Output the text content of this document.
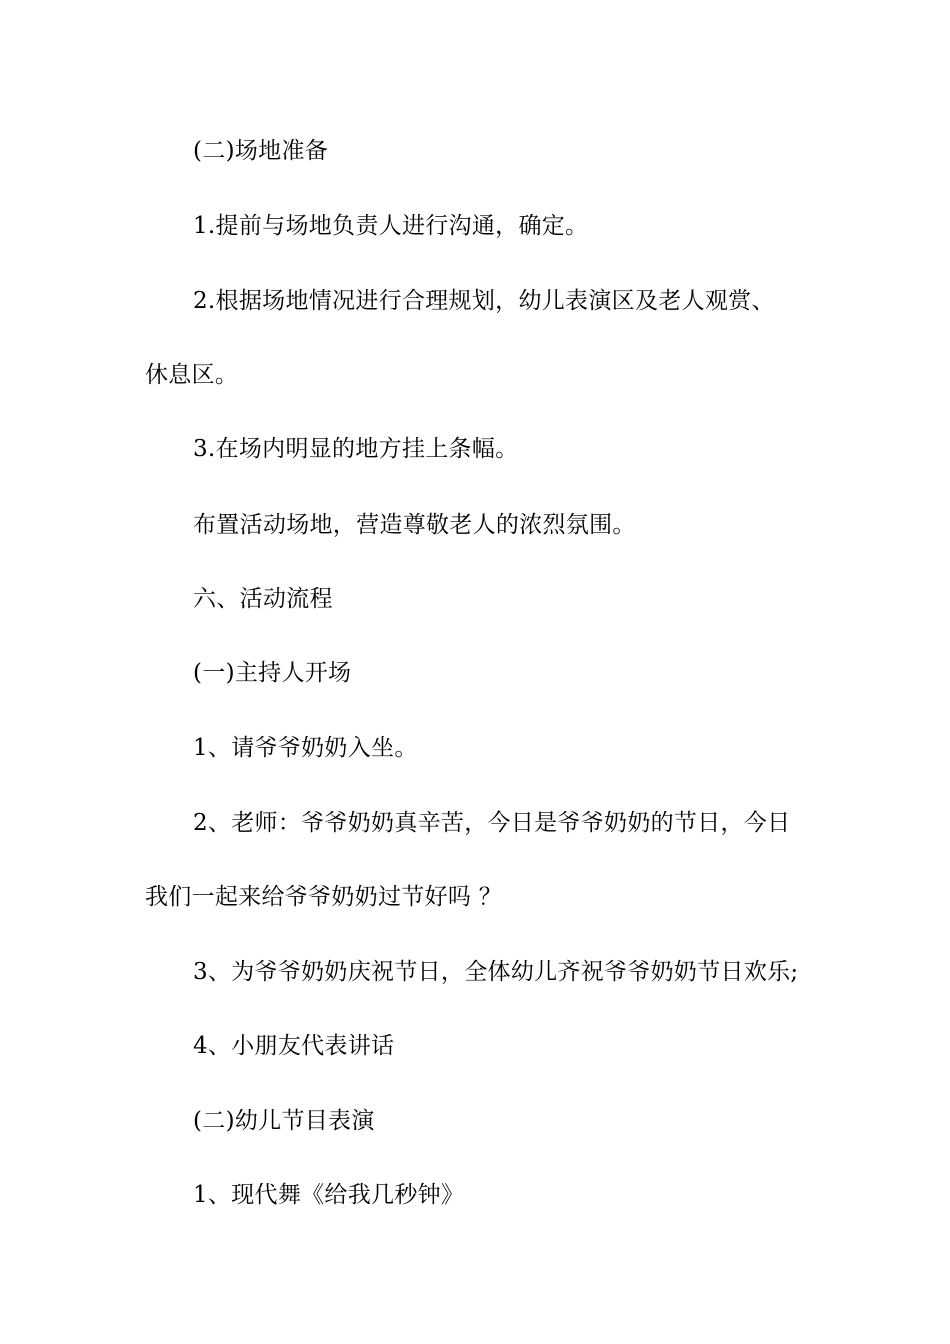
(二)场地准备
1.提前与场地负责人进行沟通，确定。
2.根据场地情况进行合理规划，幼儿表演区及老人观赏、
休息区。
3.在场内明显的地方挂上条幅。
布置活动场地，营造尊敬老人的浓烈氛围。
六、活动流程
(一)主持人开场
1、请爷爷奶奶入坐。
2、老师：爷爷奶奶真辛苦，今日是爷爷奶奶的节日，今日
我们一起来给爷爷奶奶过节好吗 ？
3、为爷爷奶奶庆祝节日，全体幼儿齐祝爷爷奶奶节日欢乐;
4、小朋友代表讲话
(二)幼儿节目表演
1、现代舞《给我几秒钟》
